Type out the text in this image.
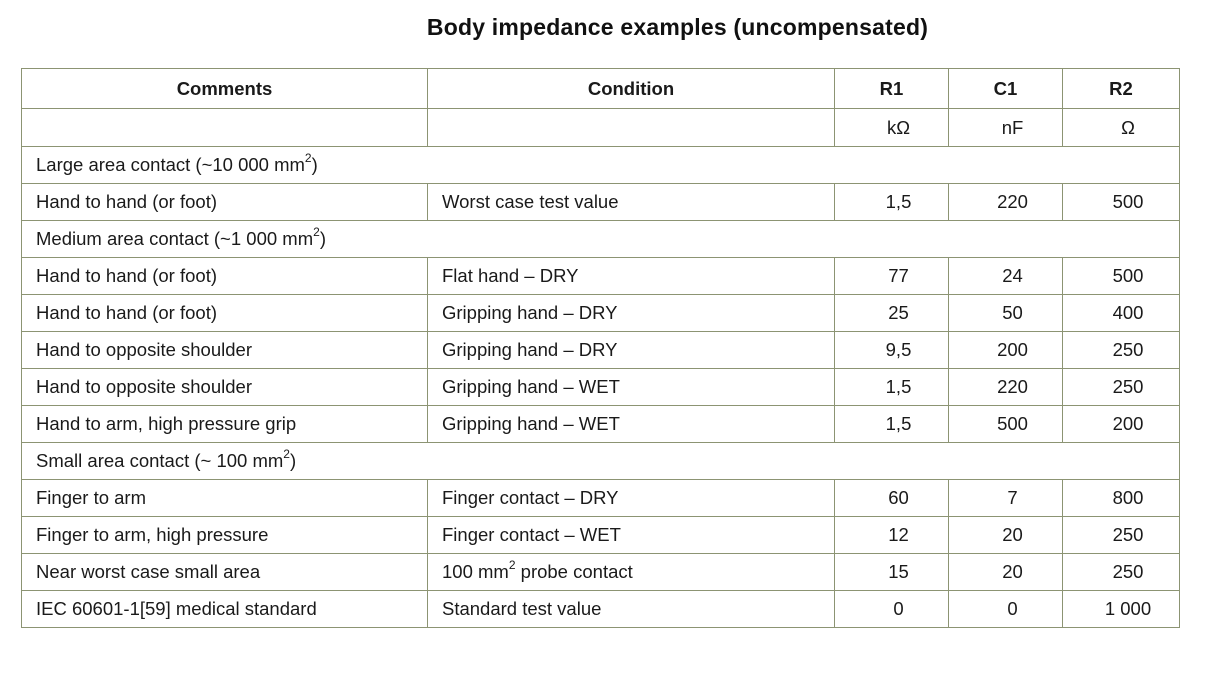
Body impedance examples (uncompensated)
Comments	Condition	R1	C1	R2
		kΩ	nF	Ω
Large area contact (~10 000 $mm^2$)				
Hand to hand (or foot)	Worst case test value	1,5	220	500
Medium area contact (~1 000 $mm^2$)				
Hand to hand (or foot)	Flat hand – DRY	77	24	500
Hand to hand (or foot)	Gripping hand – DRY	25	50	400
Hand to opposite shoulder	Gripping hand – DRY	9,5	200	250
Hand to opposite shoulder	Gripping hand – WET	1,5	220	250
Hand to arm, high pressure grip	Gripping hand – WET	1,5	500	200
Small area contact (~ 100 $mm^2$)				
Finger to arm	Finger contact – DRY	60	7	800
Finger to arm, high pressure	Finger contact – WET	12	20	250
Near worst case small area	100 $mm^2$ probe contact	15	20	250
IEC 60601-1[59] medical standard	Standard test value	0	0	1 000
